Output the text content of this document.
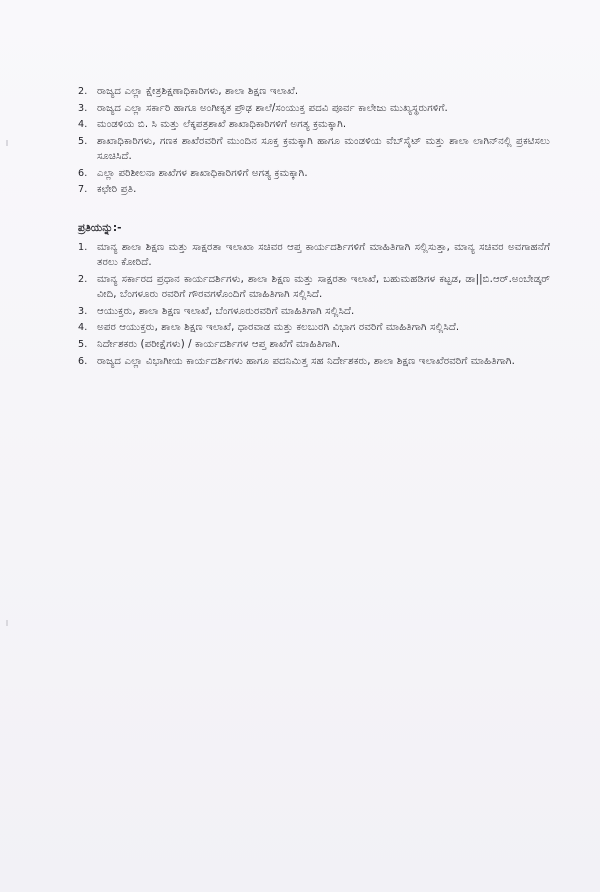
2. ರಾಜ್ಯದ ಎಲ್ಲಾ ಕ್ಷೇತ್ರಶಿಕ್ಷಣಾಧಿಕಾರಿಗಳು, ಶಾಲಾ ಶಿಕ್ಷಣ ಇಲಾಖೆ.
3. ರಾಜ್ಯದ ಎಲ್ಲಾ ಸರ್ಕಾರಿ ಹಾಗೂ ಅಂಗೀಕೃತ ಪ್ರೌಢ ಶಾಲೆ/ಸಂಯುಕ್ತ ಪದವಿ ಪೂರ್ವ ಕಾಲೇಜು ಮುಖ್ಯಸ್ಥರುಗಳಿಗೆ.
4. ಮಂಡಳಿಯ ಬಿ. ಸಿ ಮತ್ತು ಲೆಕ್ಕಪತ್ರಶಾಖೆ ಶಾಖಾಧಿಕಾರಿಗಳಿಗೆ ಅಗತ್ಯ ಕ್ರಮಕ್ಕಾಗಿ.
5. ಶಾಖಾಧಿಕಾರಿಗಳು, ಗಣಕ ಶಾಖೆರವರಿಗೆ ಮುಂದಿನ ಸೂಕ್ತ ಕ್ರಮಕ್ಕಾಗಿ ಹಾಗೂ ಮಂಡಳಿಯ ವೆಬ್‌ಸೈಟ್ ಮತ್ತು ಶಾಲಾ ಲಾಗಿನ್‌ನಲ್ಲಿ ಪ್ರಕಟಿಸಲು ಸೂಚಿಸಿದೆ.
6. ಎಲ್ಲಾ ಪರಿಶೀಲನಾ ಶಾಖೆಗಳ ಶಾಖಾಧಿಕಾರಿಗಳಿಗೆ ಅಗತ್ಯ ಕ್ರಮಕ್ಕಾಗಿ.
7. ಕಛೇರಿ ಪ್ರತಿ.
ಪ್ರತಿಯನ್ನು:-
1. ಮಾನ್ಯ ಶಾಲಾ ಶಿಕ್ಷಣ ಮತ್ತು ಸಾಕ್ಷರತಾ ಇಲಾಖಾ ಸಚಿವರ ಆಪ್ತ ಕಾರ್ಯದರ್ಶಿಗಳಿಗೆ ಮಾಹಿತಿಗಾಗಿ ಸಲ್ಲಿಸುತ್ತಾ, ಮಾನ್ಯ ಸಚಿವರ ಅವಗಾಹನೆಗೆ ತರಲು ಕೋರಿದೆ.
2. ಮಾನ್ಯ ಸರ್ಕಾರದ ಪ್ರಧಾನ ಕಾರ್ಯದರ್ಶಿಗಳು, ಶಾಲಾ ಶಿಕ್ಷಣ ಮತ್ತು ಸಾಕ್ಷರತಾ ಇಲಾಖೆ, ಬಹುಮಹಡಿಗಳ ಕಟ್ಟಡ, ಡಾ||ಬಿ.ಆರ್.ಅಂಬೇಡ್ಕರ್ ವೀದಿ, ಬೆಂಗಳೂರು ರವರಿಗೆ ಗೌರವಗಳೊಂದಿಗೆ ಮಾಹಿತಿಗಾಗಿ ಸಲ್ಲಿಸಿದೆ.
3. ಆಯುಕ್ತರು, ಶಾಲಾ ಶಿಕ್ಷಣ ಇಲಾಖೆ, ಬೆಂಗಳೂರುರವರಿಗೆ ಮಾಹಿತಿಗಾಗಿ ಸಲ್ಲಿಸಿದೆ.
4. ಅಪರ ಆಯುಕ್ತರು, ಶಾಲಾ ಶಿಕ್ಷಣ ಇಲಾಖೆ, ಧಾರವಾಡ ಮತ್ತು ಕಲಬುರಗಿ ವಿಭಾಗ ರವರಿಗೆ ಮಾಹಿತಿಗಾಗಿ ಸಲ್ಲಿಸಿದೆ.
5. ನಿರ್ದೇಶಕರು (ಪರೀಕ್ಷೆಗಳು) / ಕಾರ್ಯದರ್ಶಿಗಳ ಆಪ್ತ ಶಾಖೆಗೆ ಮಾಹಿತಿಗಾಗಿ.
6. ರಾಜ್ಯದ ಎಲ್ಲಾ ವಿಭಾಗೀಯ ಕಾರ್ಯದರ್ಶಿಗಳು ಹಾಗೂ ಪದನಿಮಿತ್ತ ಸಹ ನಿರ್ದೇಶಕರು, ಶಾಲಾ ಶಿಕ್ಷಣ ಇಲಾಖೆರವರಿಗೆ ಮಾಹಿತಿಗಾಗಿ.
